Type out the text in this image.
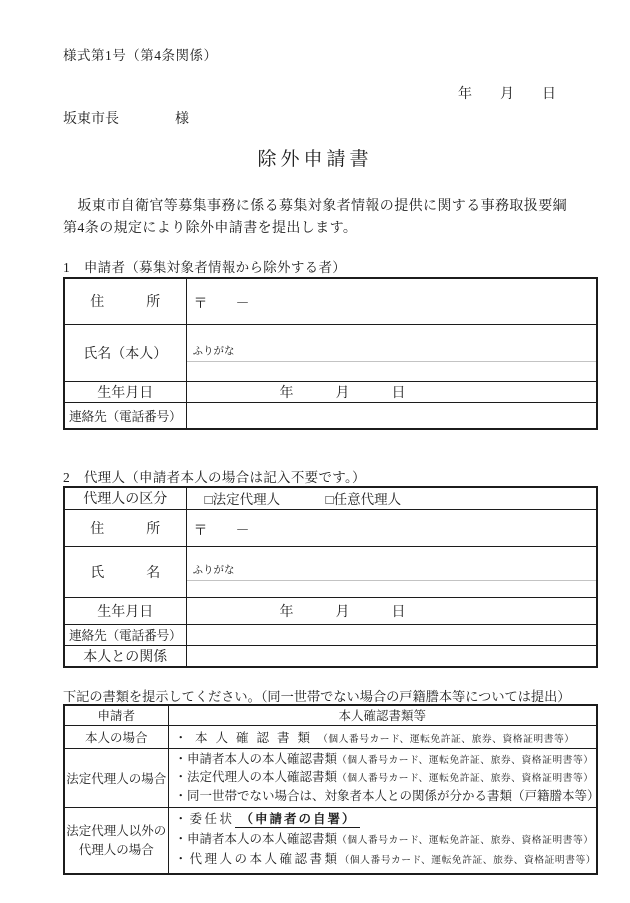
様式第1号（第4条関係）
年　　月　　日
坂東市長	様
除外申請書
　坂東市自衛官等募集事務に係る募集対象者情報の提供に関する事務取扱要綱
第4条の規定により除外申請書を提出します。
1　申請者（募集対象者情報から除外する者）
住　　　所	〒　　－

氏名（本人）	ふりがな

生年月日	年　　　月　　　日

連絡先（電話番号）	
2　代理人（申請者本人の場合は記入不要です。）
代理人の区分	□法定代理人 □任意代理人

住　　　所	〒　　－

氏　　　名	ふりがな

生年月日	年　　　月　　　日

連絡先（電話番号）	
本人との関係	
下記の書類を提示してください。（同一世帯でない場合の戸籍謄本等については提出）
申請者	本人確認書類等
本人の場合	・本人確認書類（個人番号カード、運転免許証、旅券、資格証明書等）

法定代理人の場合	・申請者本人の本人確認書類（個人番号カード、運転免許証、旅券、資格証明書等）
・法定代理人の本人確認書類（個人番号カード、運転免許証、旅券、資格証明書等）
・同一世帯でない場合は、対象者本人との関係が分かる書類（戸籍謄本等）

法定代理人以外の
代理人の場合

・委任状 （申請者の自署）
・申請者本人の本人確認書類（個人番号カード、運転免許証、旅券、資格証明書等）
・代理人の本人確認書類（個人番号カード、運転免許証、旅券、資格証明書等）
